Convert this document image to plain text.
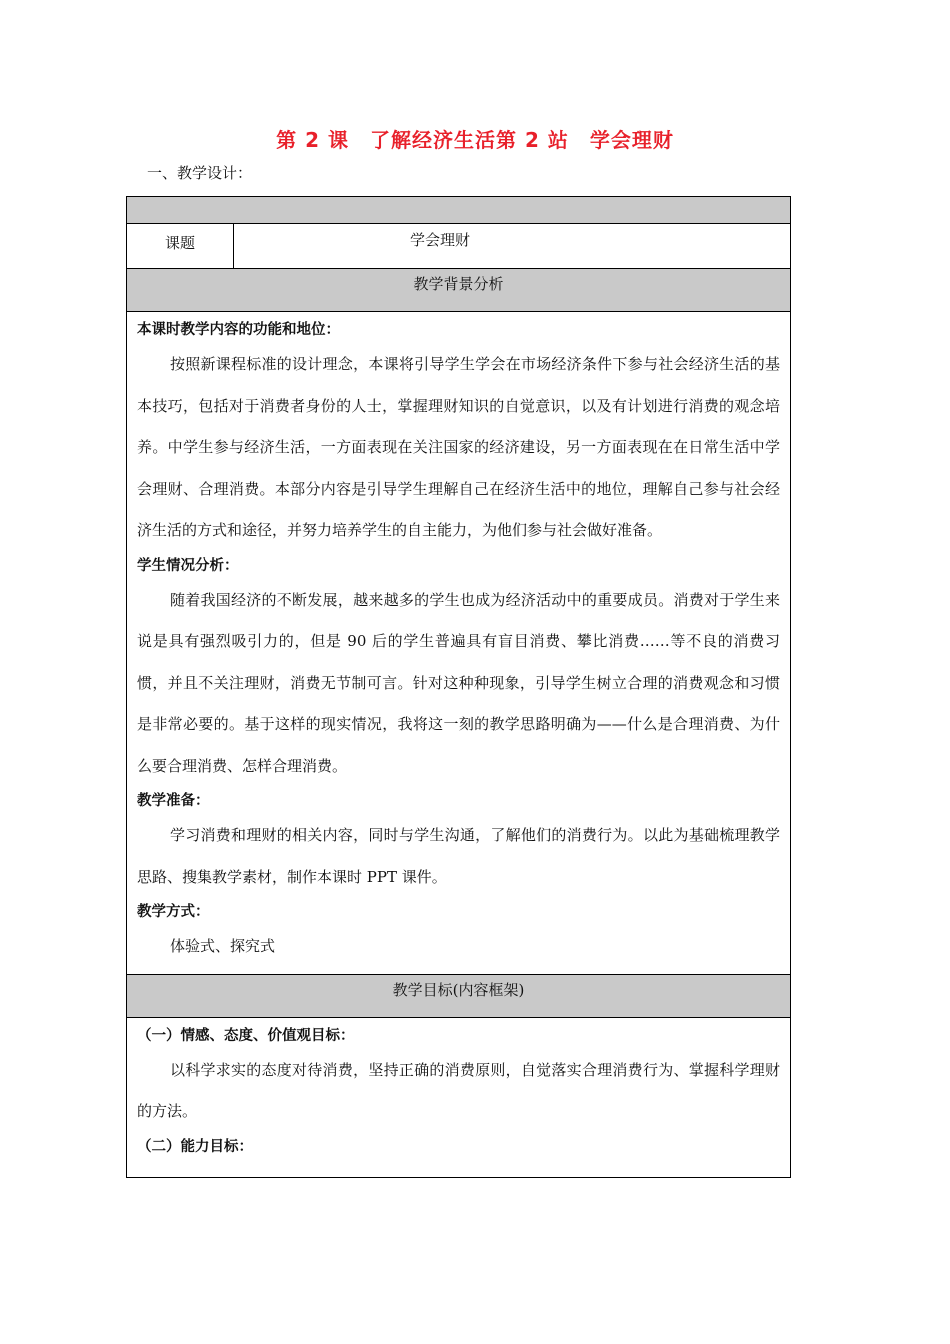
第 2 课　了解经济生活第 2 站　学会理财
一、教学设计：

课题	学会理财
教学背景分析

本课时教学内容的功能和地位：

按照新课程标准的设计理念，本课将引导学生学会在市场经济条件下参与社会经济生活的基本技巧，包括对于消费者身份的人士，掌握理财知识的自觉意识，以及有计划进行消费的观念培养。中学生参与经济生活，一方面表现在关注国家的经济建设，另一方面表现在在日常生活中学会理财、合理消费。本部分内容是引导学生理解自己在经济生活中的地位，理解自己参与社会经济生活的方式和途径，并努力培养学生的自主能力，为他们参与社会做好准备。

学生情况分析：

随着我国经济的不断发展，越来越多的学生也成为经济活动中的重要成员。消费对于学生来说是具有强烈吸引力的，但是 90 后的学生普遍具有盲目消费、攀比消费……等不良的消费习惯，并且不关注理财，消费无节制可言。针对这种种现象，引导学生树立合理的消费观念和习惯是非常必要的。基于这样的现实情况，我将这一刻的教学思路明确为——什么是合理消费、为什么要合理消费、怎样合理消费。

教学准备：

学习消费和理财的相关内容，同时与学生沟通，了解他们的消费行为。以此为基础梳理教学思路、搜集教学素材，制作本课时 PPT 课件。

教学方式：

体验式、探究式

教学目标(内容框架)

（一）情感、态度、价值观目标：

以科学求实的态度对待消费，坚持正确的消费原则，自觉落实合理消费行为、掌握科学理财的方法。

（二）能力目标：
